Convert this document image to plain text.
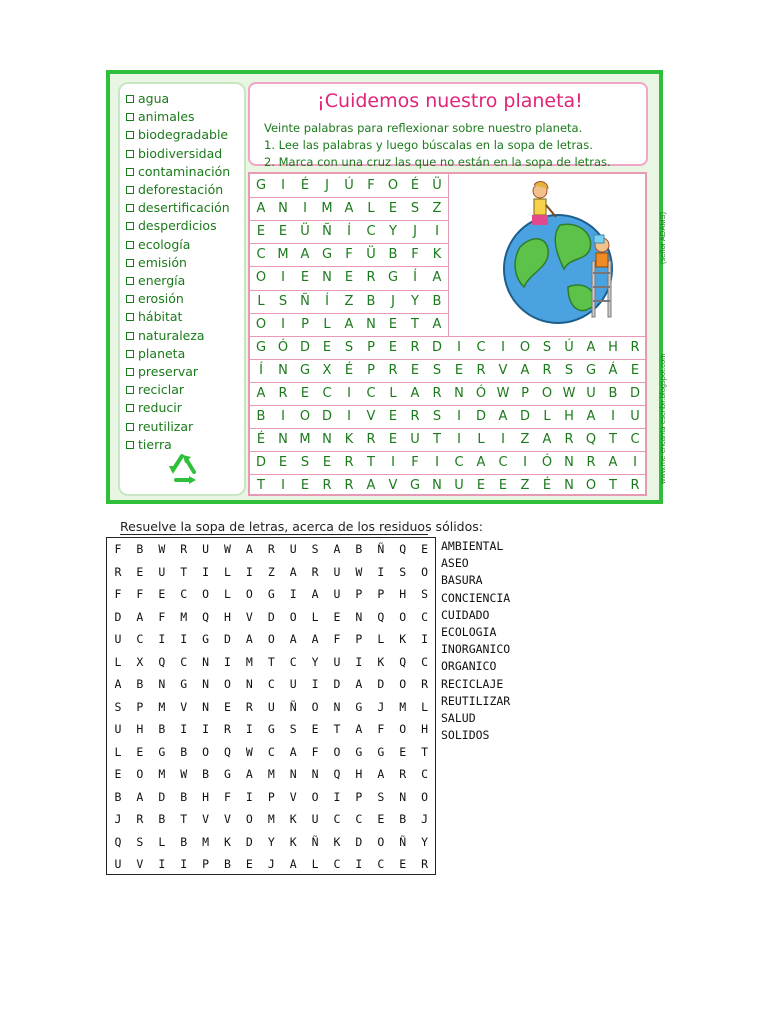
agua
animales
biodegradable
biodiversidad
contaminación
deforestación
desertificación
desperdicios
ecología
emisión
energía
erosión
hábitat
naturaleza
planeta
preservar
reciclar
reducir
reutilizar
tierra
¡Cuidemos nuestro planeta!
Veinte palabras para reflexionar sobre nuestro planeta.
1. Lee las palabras y luego búscalas en la sopa de letras.
2. Marca con una cruz las que no están en la sopa de letras.
G	I	É	J	Ú	F	O É	Ü
A N	I	M A	L	E	S	Z
E	E	Ü Ñ	Í	C	Y	J	I
C M A G	F	Ü B	F	K
O	I	E	N	E	R G	Í	A
L	S	Ñ	Í	Z	B	J	Y	B
O	I	P	L	A N	E	T	A
G Ó D E	S	P	E	R D	I	C	I	O S	Ú A H R
Í	N G X	É	P	R	E	S	E	R	V	A	R	S G Á	E
A	R	E	C	I	C	L	A	R N Ó W P O W U B D
B	I	O D	I	V	E	R	S	I	D A D	L	H A	I	U
É	N M N K	R	E	U	T	I	L	I	Z	A	R Q T	C
D E	S	E	R	T	I	F	I	C	A	C	I	Ó N R	A	I
T	I	E	R R	A	V G N U	E	E	Z	É	N O T	R
(señor ADAMS)
www.me-encanta-escribir.blogspot.com
Resuelve la sopa de letras, acerca de los residuos sólidos:
F	B	W	R	U	W	A	R	U	S	A	B	Ñ	Q	E
R	E	U	T	I	L	I	Z	A	R	U	W	I	S	O
F	F	E	C	O	L	O	G	I	A	U	P	P	H	S
D	A	F	M	Q	H	V	D	O	L	E	N	Q	O	C
U	C	I	I	G	D	A	O	A	A	F	P	L	K	I
L	X	Q	C	N	I	M	T	C	Y	U	I	K	Q	C
A	B	N	G	N	O	N	C	U	I	D	A	D	O	R
S	P	M	V	N	E	R	U	Ñ	O	N	G	J	M	L
U	H	B	I	I	R	I	G	S	E	T	A	F	O	H
L	E	G	B	O	Q	W	C	A	F	O	G	G	E	T
E	O	M	W	B	G	A	M	N	N	Q	H	A	R	C
B	A	D	B	H	F	I	P	V	O	I	P	S	N	O
J	R	B	T	V	V	O	M	K	U	C	C	E	B	J
Q	S	L	B	M	K	D	Y	K	Ñ	K	D	O	Ñ	Y
U	V	I	I	P	B	E	J	A	L	C	I	C	E	R
AMBIENTAL
ASEO
BASURA
CONCIENCIA
CUIDADO
ECOLOGIA
INORGANICO
ORGANICO
RECICLAJE
REUTILIZAR
SALUD
SOLIDOS
